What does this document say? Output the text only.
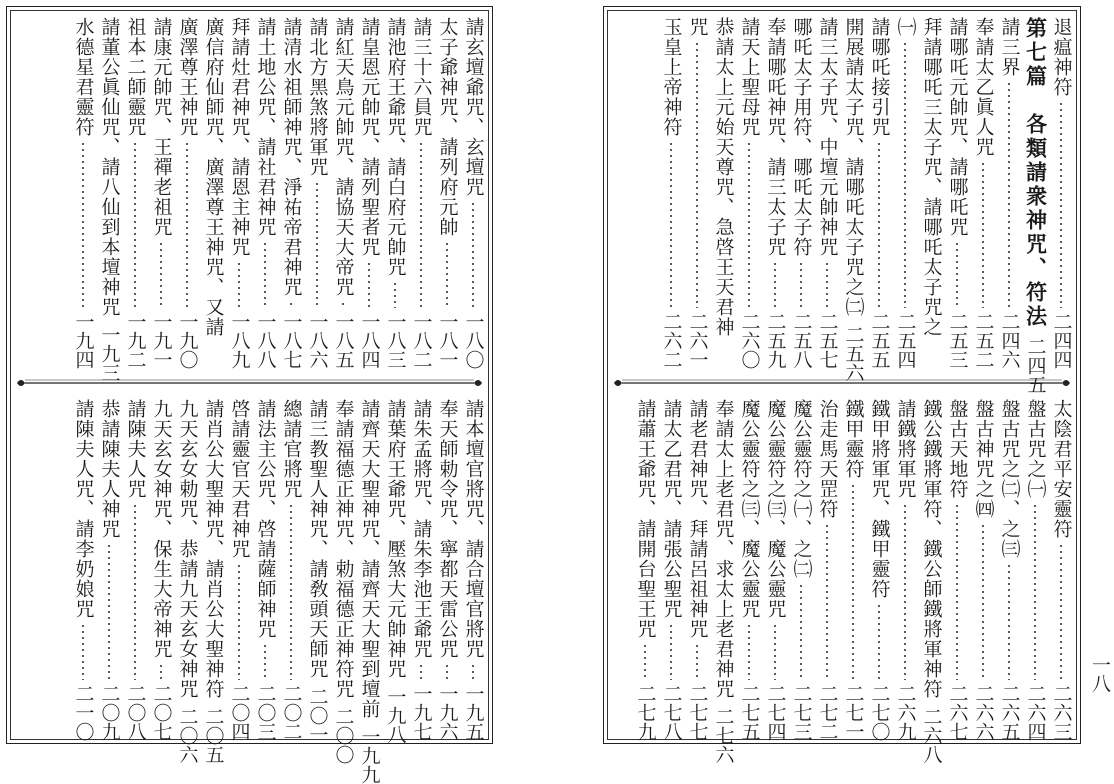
請玄壇爺咒、玄壇咒
一八〇
太子爺神咒、請列府元帥
一八一
請三十六員咒
一八二
請池府王爺咒、請白府元帥咒
一八三
請皇恩元帥咒、請列聖者咒
一八四
請紅天鳥元帥咒、請協天大帝咒
一八五
請北方黑煞將軍咒
一八六
請清水祖師神咒、淨祐帝君神咒
一八七
請土地公咒、請社君神咒
一八八
拜請灶君神咒、請恩主神咒
一八九
廣信府仙師咒、廣澤尊王神咒、又請
廣澤尊王神咒
一九〇
請康元帥咒、王禪老祖咒
一九一
祖本二師靈咒
一九二
請董公眞仙咒、請八仙到本壇神咒
一九三
水德星君靈符
一九四
請本壇官將咒、請合壇官將咒
一九五
奉天師勅令咒、寧都天雷公咒
一九六
請朱孟將咒、請朱李池王爺咒
一九七
請葉府王爺咒、壓煞大元帥神咒
一九八
請齊天大聖神咒、請齊天大聖到壇前
一九九
奉請福德正神咒、勅福德正神符咒
二〇〇
請三教聖人神咒、請敎頭天師咒
二〇一
總請官將咒
二〇二
請法主公咒、啓請薩師神咒
二〇三
啓請靈官天君神咒
二〇四
請肖公大聖神咒、請肖公大聖神符
二〇五
九天玄女勅咒、恭請九天玄女神咒
二〇六
九天玄女神咒、保生大帝神咒
二〇七
請陳夫人咒
二〇八
恭請陳夫人神咒
二〇九
請陳夫人咒、請李奶娘咒
二一〇
退瘟神符
二四四
第七篇　各類請衆神咒、符法
二四五
請三界
二四六
奉請太乙眞人咒
二五二
請哪吒元帥咒、請哪吒咒
二五三
拜請哪吒三太子咒、請哪吒太子咒之
㈠
二五四
請哪吒接引咒
二五五
開展請太子咒、請哪吒太子咒之㈡
二五六
請三太子咒、中壇元帥神咒
二五七
哪吒太子用符、哪吒太子符
二五八
奉請哪吒神咒、請三太子咒
二五九
請天上聖母咒
二六〇
恭請太上元始天尊咒、急啓王天君神
咒
二六一
玉皇上帝神符
二六二
太陰君平安靈符
二六三
盤古咒之㈠
二六四
盤古咒之㈡、之㈢
二六五
盤古神咒之㈣
二六六
盤古天地符
二六七
鐵公鐵將軍符、鐵公師鐵將軍神符
二六八
請鐵將軍咒
二六九
鐵甲將軍咒、鐵甲靈符
二七〇
鐵甲靈符
二七一
治走馬天罡符
二七二
魔公靈符之㈠、之㈡
二七三
魔公靈符之㈢、魔公靈咒
二七四
魔公靈符之㈢、魔公靈咒
二七五
奉請太上老君咒、求太上老君神咒
二七六
請老君神咒、拜請呂祖神咒
二七七
請太乙君咒、請張公聖咒
二七八
請蕭王爺咒、請開台聖王咒
二七九
一八
